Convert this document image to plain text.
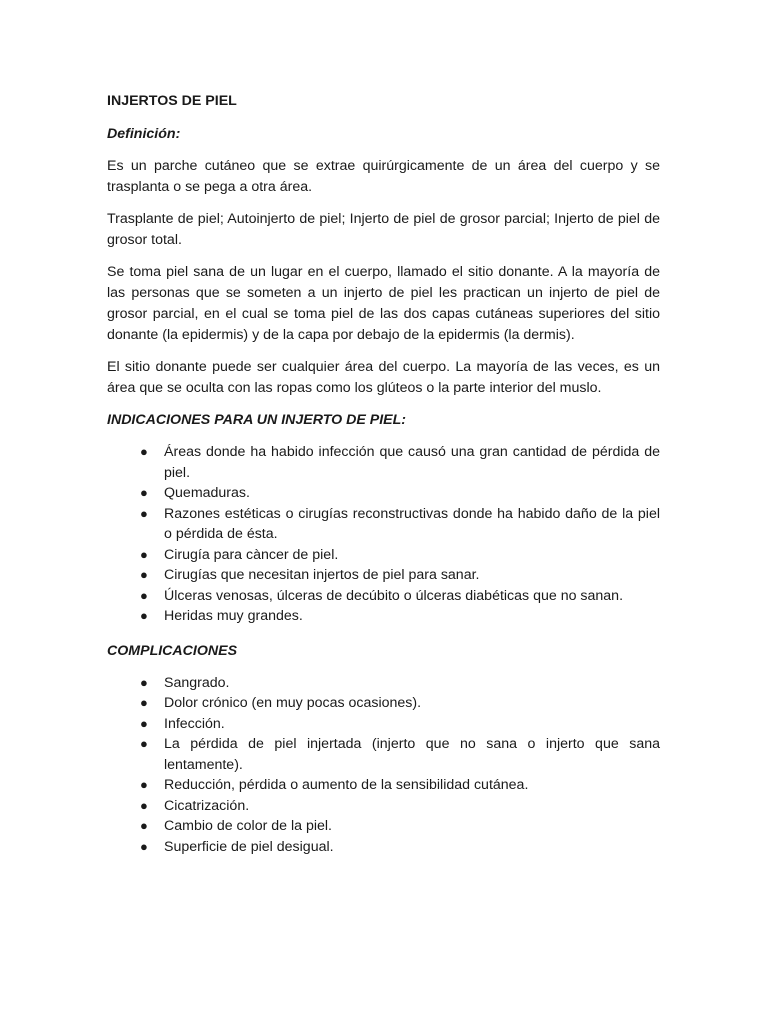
INJERTOS DE PIEL
Definición:

Es un parche cutáneo que se extrae quirúrgicamente de un área del cuerpo y se trasplanta o se pega a otra área.

Trasplante de piel; Autoinjerto de piel; Injerto de piel de grosor parcial; Injerto de piel de grosor total.

Se toma piel sana de un lugar en el cuerpo, llamado el sitio donante. A la mayoría de las personas que se someten a un injerto de piel les practican un injerto de piel de grosor parcial, en el cual se toma piel de las dos capas cutáneas superiores del sitio donante (la epidermis) y de la capa por debajo de la epidermis (la dermis).

El sitio donante puede ser cualquier área del cuerpo. La mayoría de las veces, es un área que se oculta con las ropas como los glúteos o la parte interior del muslo.

INDICACIONES PARA UN INJERTO DE PIEL:
● Áreas donde ha habido infección que causó una gran cantidad de pérdida de piel.
● Quemaduras.
● Razones estéticas o cirugías reconstructivas donde ha habido daño de la piel o pérdida de ésta.
● Cirugía para càncer de piel.
● Cirugías que necesitan injertos de piel para sanar.
● Úlceras venosas, úlceras de decúbito o úlceras diabéticas que no sanan.
● Heridas muy grandes.
COMPLICACIONES
● Sangrado.
● Dolor crónico (en muy pocas ocasiones).
● Infección.
● La pérdida de piel injertada (injerto que no sana o injerto que sana lentamente).
● Reducción, pérdida o aumento de la sensibilidad cutánea.
● Cicatrización.
● Cambio de color de la piel.
● Superficie de piel desigual.
